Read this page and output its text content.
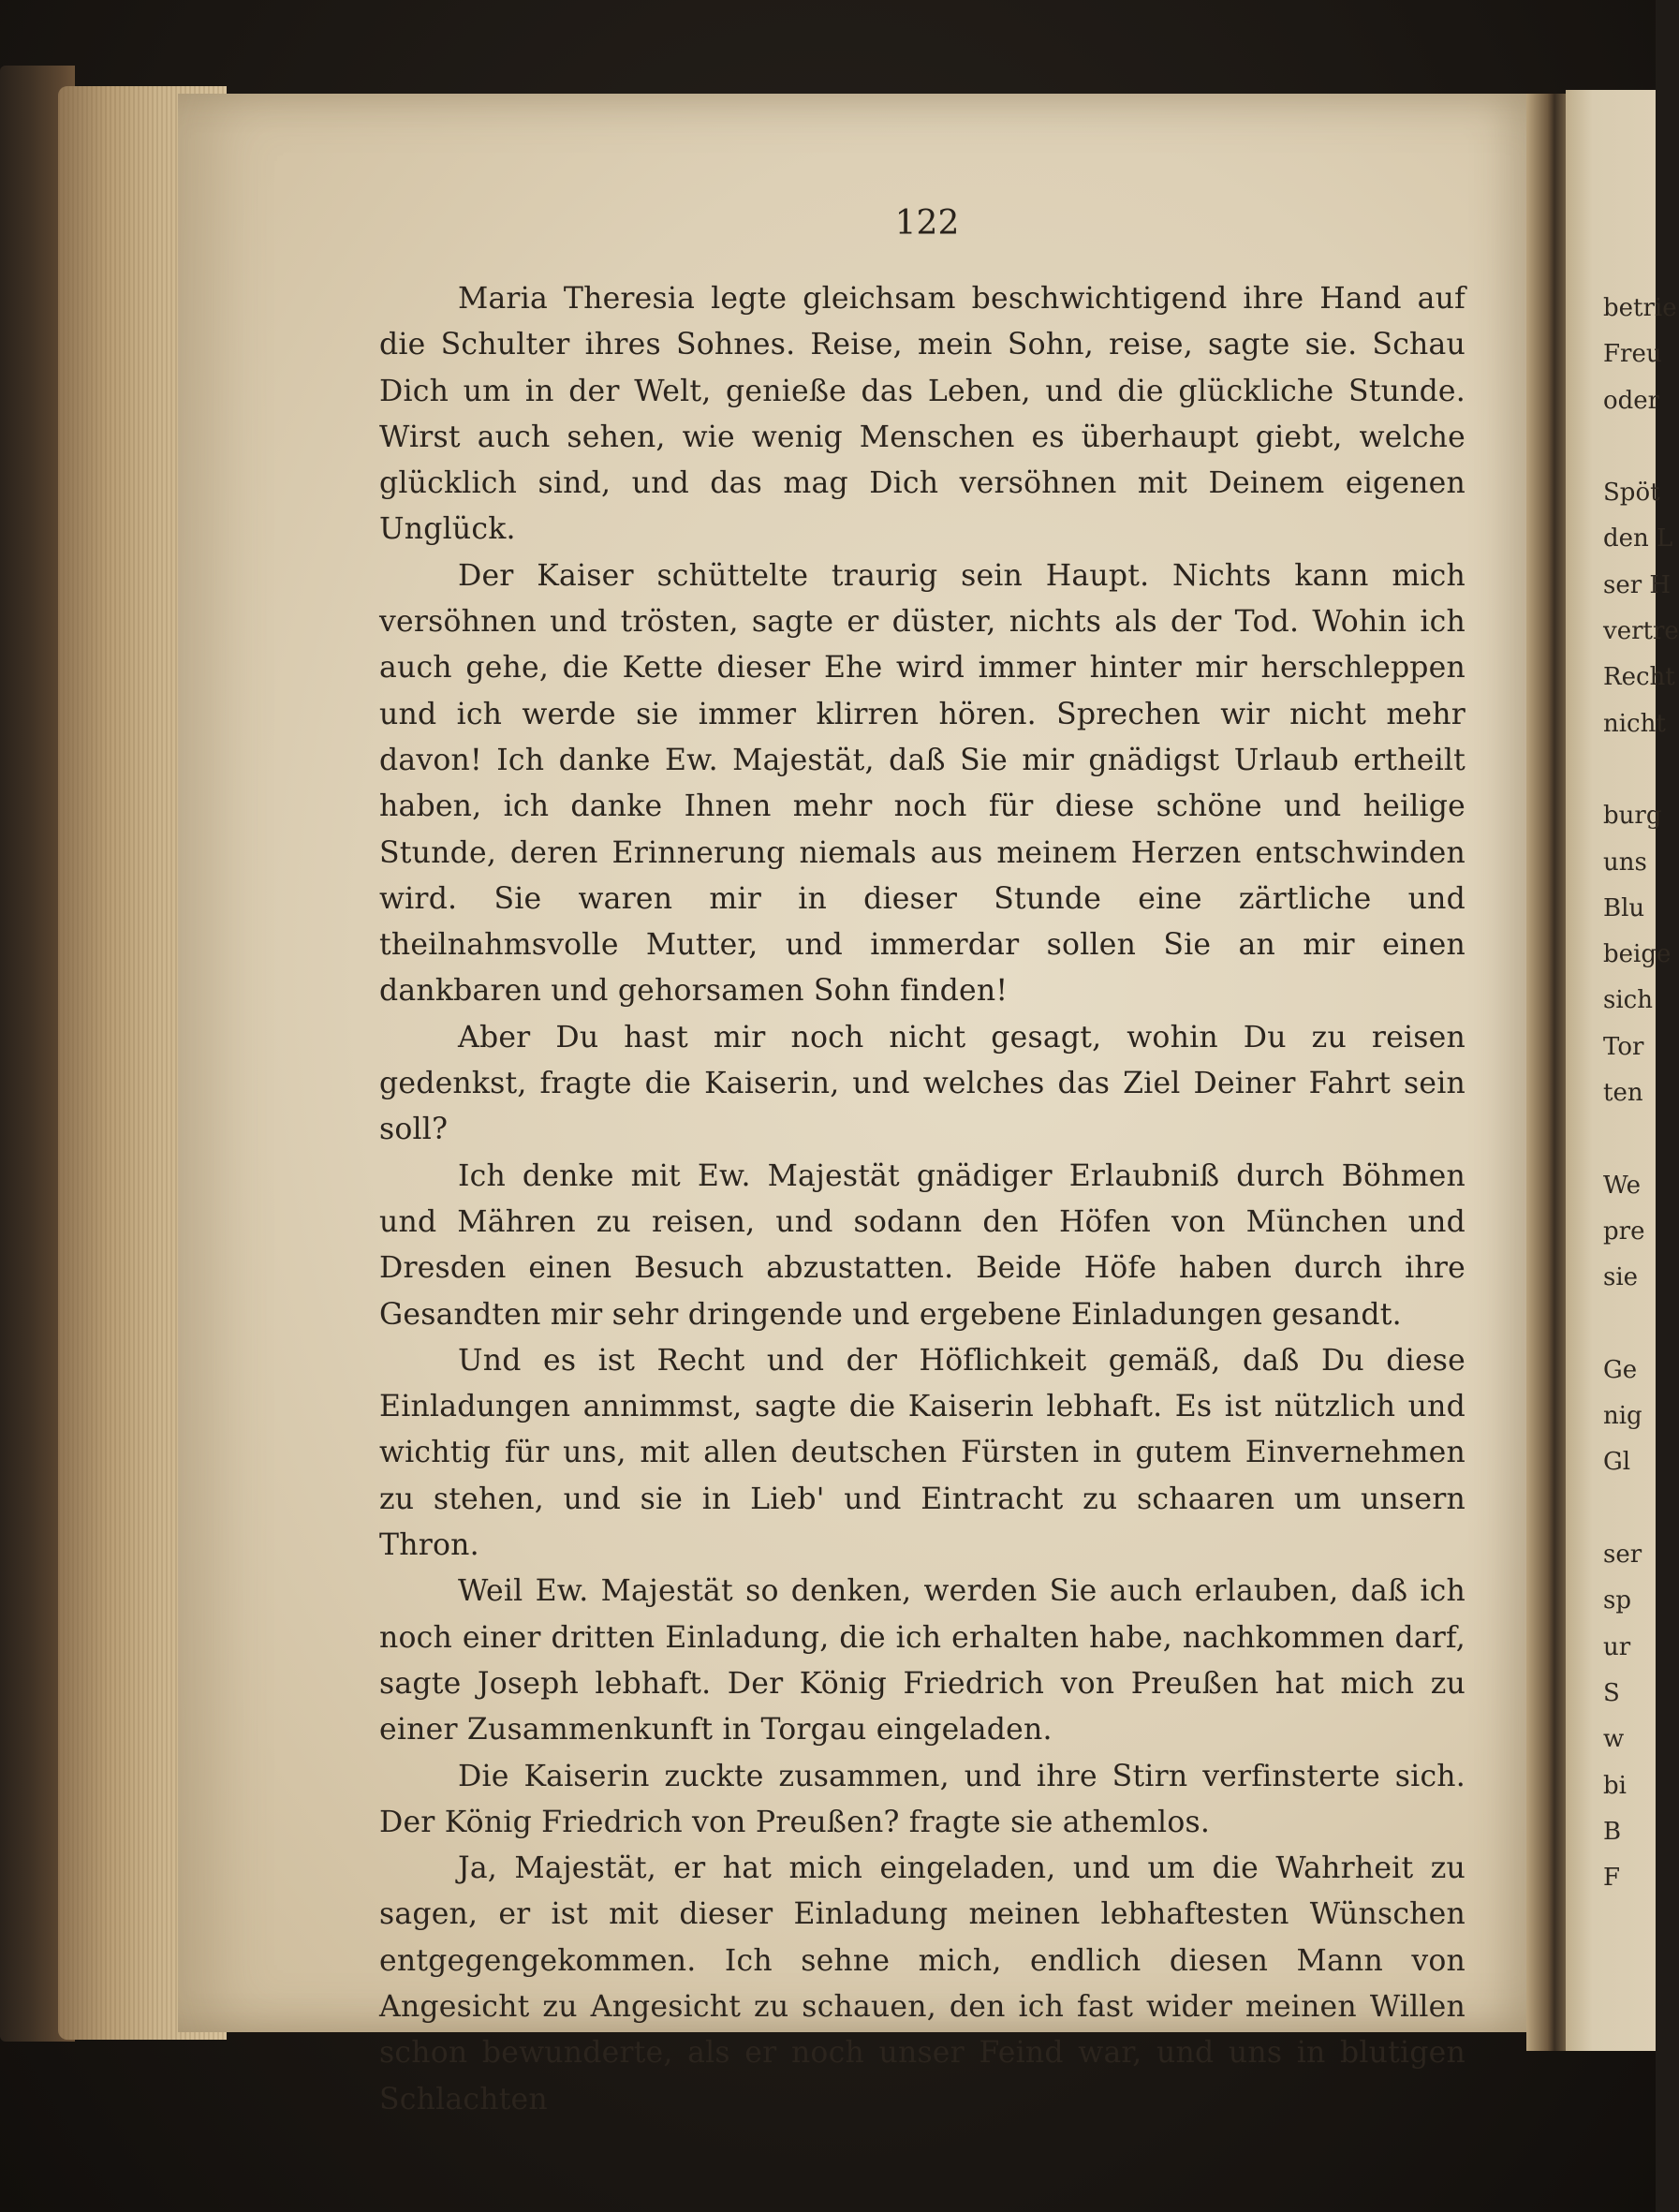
122

Maria Theresia legte gleichsam beschwichtigend ihre Hand auf die Schulter ihres Sohnes. Reise, mein Sohn, reise, sagte sie. Schau Dich um in der Welt, genieße das Leben, und die glückliche Stunde. Wirst auch sehen, wie wenig Menschen es überhaupt giebt, welche glücklich sind, und das mag Dich versöhnen mit Deinem eigenen Unglück.

Der Kaiser schüttelte traurig sein Haupt. Nichts kann mich versöhnen und trösten, sagte er düster, nichts als der Tod. Wohin ich auch gehe, die Kette dieser Ehe wird immer hinter mir herschleppen und ich werde sie immer klirren hören. Sprechen wir nicht mehr davon! Ich danke Ew. Majestät, daß Sie mir gnädigst Urlaub ertheilt haben, ich danke Ihnen mehr noch für diese schöne und heilige Stunde, deren Erinnerung niemals aus meinem Herzen entschwinden wird. Sie waren mir in dieser Stunde eine zärtliche und theilnahmsvolle Mutter, und immerdar sollen Sie an mir einen dankbaren und gehorsamen Sohn finden!

Aber Du hast mir noch nicht gesagt, wohin Du zu reisen gedenkst, fragte die Kaiserin, und welches das Ziel Deiner Fahrt sein soll?

Ich denke mit Ew. Majestät gnädiger Erlaubniß durch Böhmen und Mähren zu reisen, und sodann den Höfen von München und Dresden einen Besuch abzustatten. Beide Höfe haben durch ihre Gesandten mir sehr dringende und ergebene Einladungen gesandt.

Und es ist Recht und der Höflichkeit gemäß, daß Du diese Einladungen annimmst, sagte die Kaiserin lebhaft. Es ist nützlich und wichtig für uns, mit allen deutschen Fürsten in gutem Einvernehmen zu stehen, und sie in Lieb' und Eintracht zu schaaren um unsern Thron.

Weil Ew. Majestät so denken, werden Sie auch erlauben, daß ich noch einer dritten Einladung, die ich erhalten habe, nachkommen darf, sagte Joseph lebhaft. Der König Friedrich von Preußen hat mich zu einer Zusammenkunft in Torgau eingeladen.

Die Kaiserin zuckte zusammen, und ihre Stirn verfinsterte sich. Der König Friedrich von Preußen? fragte sie athemlos.

Ja, Majestät, er hat mich eingeladen, und um die Wahrheit zu sagen, er ist mit dieser Einladung meinen lebhaftesten Wünschen entgegengekommen. Ich sehne mich, endlich diesen Mann von Angesicht zu Angesicht zu schauen, den ich fast wider meinen Willen schon bewunderte, als er noch unser Feind war, und uns in blutigen Schlachten

betrie
Freu
oder
Spöt
den L
ser H
vertre
Recht
nicht
burg
uns
Blu
beige
sich
Tor
ten
We
pre
sie
Ge
nig
Gl
ser
sp
ur
S
w
bi
B
F
